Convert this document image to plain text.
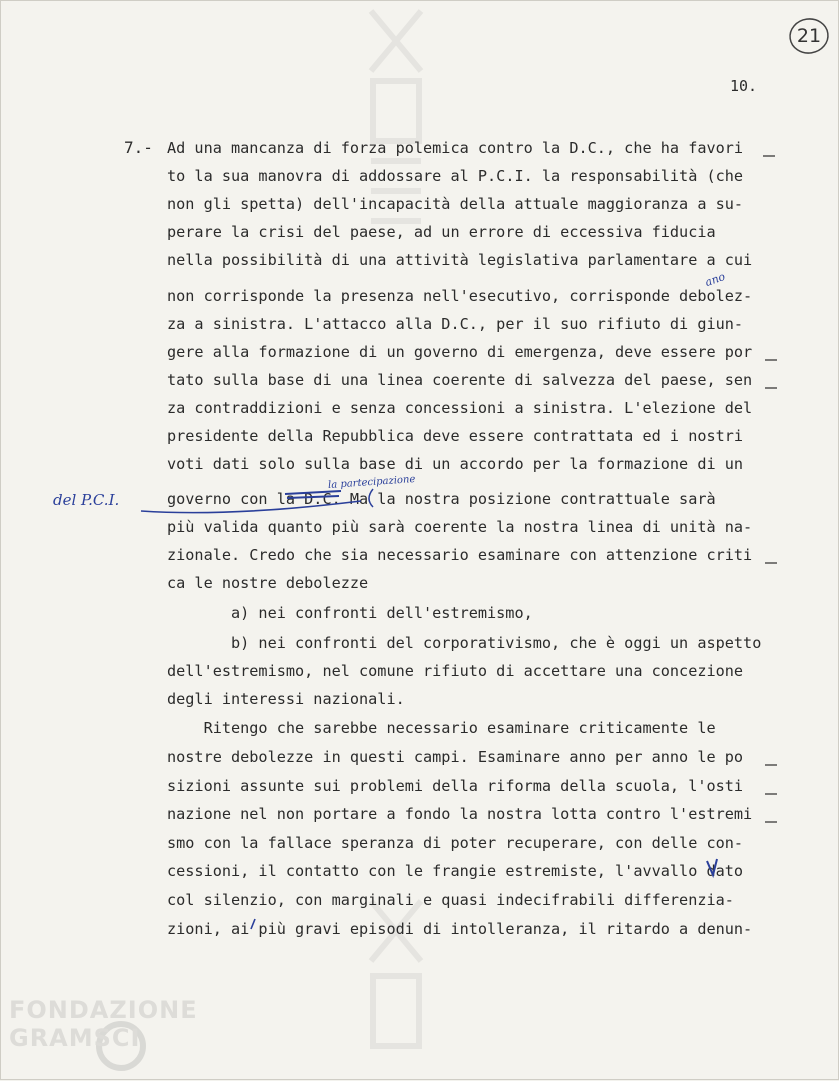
FONDAZIONE GRAMSCI
21
10.
7.- Ad una mancanza di forza polemica contro la D.C., che ha favori
to la sua manovra di addossare al P.C.I. la responsabilità (che
non gli spetta) dell'incapacità della attuale maggioranza a su-
perare la crisi del paese, ad un errore di eccessiva fiducia
nella possibilità di una attività legislativa parlamentare a cui
non corrisponde la presenza nell'esecutivo, corrisponde debolez-
za a sinistra. L'attacco alla D.C., per il suo rifiuto di giun-
gere alla formazione di un governo di emergenza, deve essere por
tato sulla base di una linea coerente di salvezza del paese, sen
za contraddizioni e senza concessioni a sinistra. L'elezione del
presidente della Repubblica deve essere contrattata ed i nostri
voti dati solo sulla base di un accordo per la formazione di un
governo con la D.C. Ma la nostra posizione contrattuale sarà
più valida quanto più sarà coerente la nostra linea di unità na-
zionale. Credo che sia necessario esaminare con attenzione criti
ca le nostre debolezze
a) nei confronti dell'estremismo,
b) nei confronti del corporativismo, che è oggi un aspetto
dell'estremismo, nel comune rifiuto di accettare una concezione
degli interessi nazionali.
Ritengo che sarebbe necessario esaminare criticamente le
nostre debolezze in questi campi. Esaminare anno per anno le po
sizioni assunte sui problemi della riforma della scuola, l'osti
nazione nel non portare a fondo la nostra lotta contro l'estremi
smo con la fallace speranza di poter recuperare, con delle con-
cessioni, il contatto con le frangie estremiste, l'avvallo dato
col silenzio, con marginali e quasi indecifrabili differenzia-
zioni, ai più gravi episodi di intolleranza, il ritardo a denun-
del P.C.I.
la partecipazione
ano
